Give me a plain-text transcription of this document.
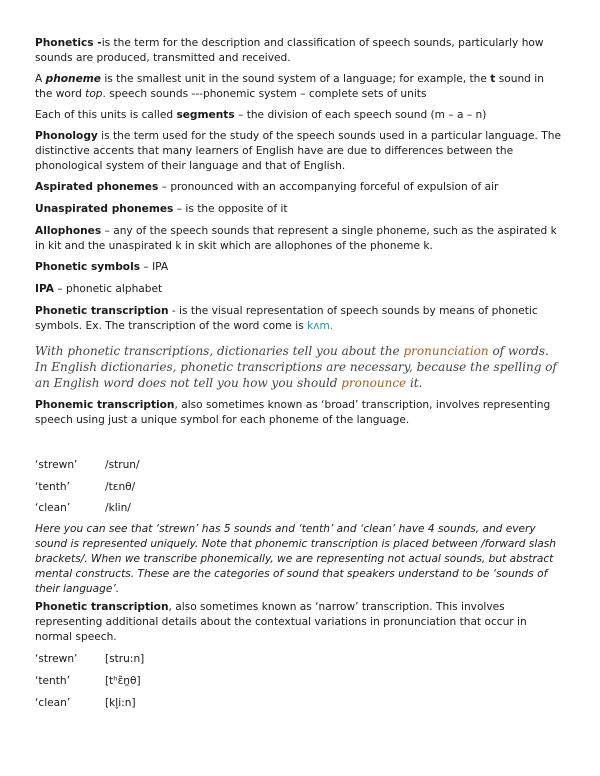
Phonetics -is the term for the description and classification of speech sounds, particularly how sounds are produced, transmitted and received.

A phoneme is the smallest unit in the sound system of a language; for example, the t sound in the word top. speech sounds ---phonemic system – complete sets of units

Each of this units is called segments – the division of each speech sound (m – a – n)

Phonology is the term used for the study of the speech sounds used in a particular language. The distinctive accents that many learners of English have are due to differences between the phonological system of their language and that of English.

Aspirated phonemes – pronounced with an accompanying forceful of expulsion of air

Unaspirated phonemes – is the opposite of it

Allophones – any of the speech sounds that represent a single phoneme, such as the aspirated k in kit and the unaspirated k in skit which are allophones of the phoneme k.

Phonetic symbols – IPA

IPA – phonetic alphabet

Phonetic transcription - is the visual representation of speech sounds by means of phonetic symbols. Ex. The transcription of the word come is kʌm.

With phonetic transcriptions, dictionaries tell you about the pronunciation of words. In English dictionaries, phonetic transcriptions are necessary, because the spelling of an English word does not tell you how you should pronounce it.

Phonemic transcription, also sometimes known as ‘broad’ transcription, involves representing speech using just a unique symbol for each phoneme of the language.

‘strewn’	/strun/
‘tenth’	/tɛnθ/
‘clean’	/klin/

Here you can see that ‘strewn’ has 5 sounds and ‘tenth’ and ‘clean’ have 4 sounds, and every sound is represented uniquely. Note that phonemic transcription is placed between /forward slash brackets/. When we transcribe phonemically, we are representing not actual sounds, but abstract mental constructs. These are the categories of sound that speakers understand to be ‘sounds of their language’.

Phonetic transcription, also sometimes known as ‘narrow’ transcription. This involves representing additional details about the contextual variations in pronunciation that occur in normal speech.

‘strewn’	[stru:n]
‘tenth’	[tʰɛ̃n̪θ]
‘clean’	[kl̥i:n]
